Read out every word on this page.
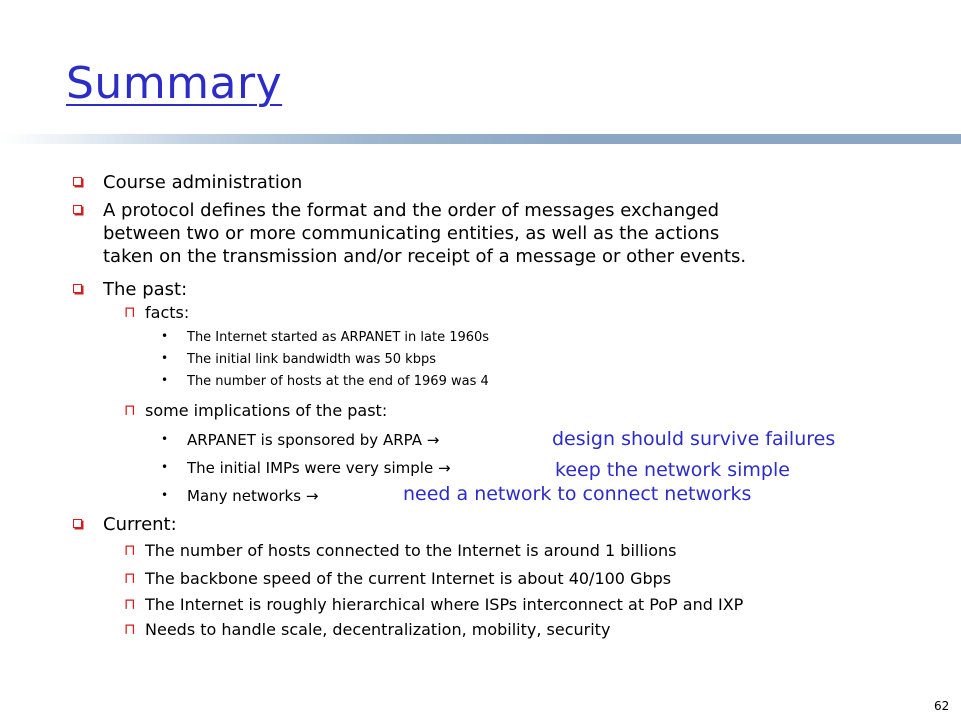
Summary
Course administration
A protocol defines the format and the order of messages exchanged
between two or more communicating entities, as well as the actions
taken on the transmission and/or receipt of a message or other events.
The past:
⊓ facts:
• The Internet started as ARPANET in late 1960s
• The initial link bandwidth was 50 kbps
• The number of hosts at the end of 1969 was 4
⊓ some implications of the past:
• ARPANET is sponsored by ARPA →	design should survive failures
• The initial IMPs were very simple →	keep the network simple
• Many networks →	need a network to connect networks
Current:
⊓ The number of hosts connected to the Internet is around 1 billions
⊓ The backbone speed of the current Internet is about 40/100 Gbps
⊓ The Internet is roughly hierarchical where ISPs interconnect at PoP and IXP
⊓ Needs to handle scale, decentralization, mobility, security
62
